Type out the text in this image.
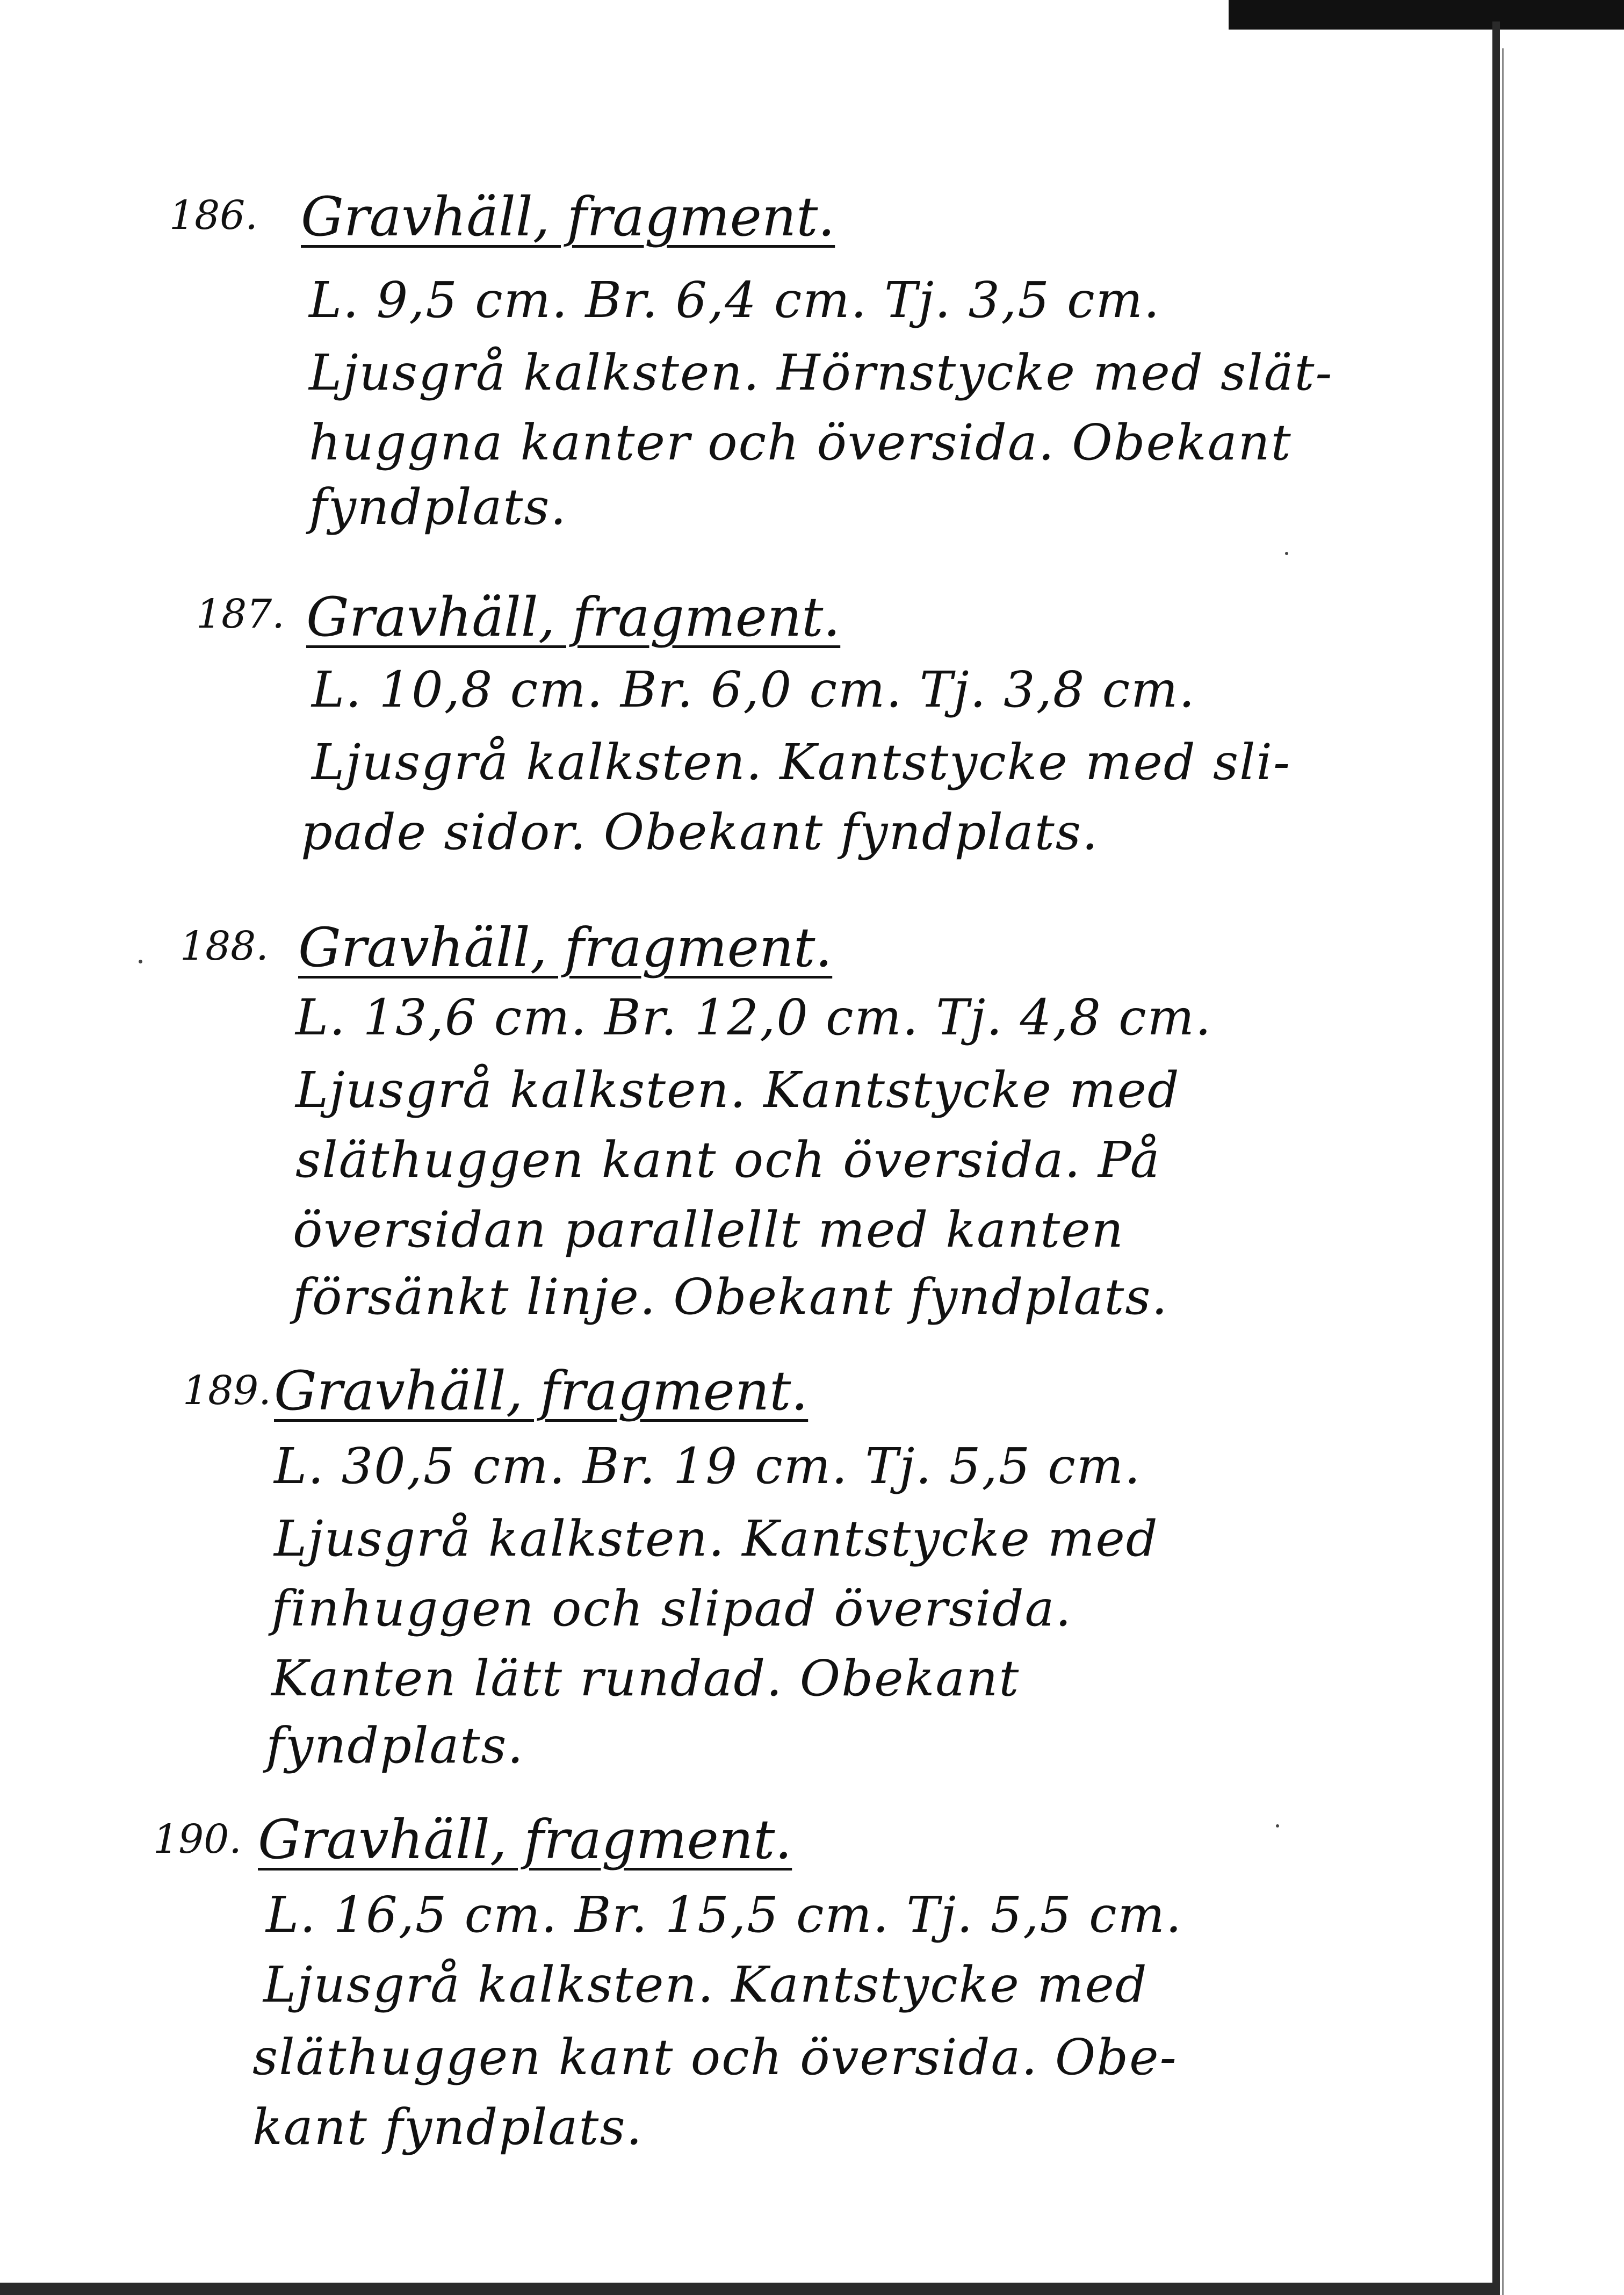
186. Gravhäll, fragment.
L. 9,5 cm. Br. 6,4 cm. Tj. 3,5 cm.
Ljusgrå kalksten. Hörnstycke med slät-
huggna kanter och översida. Obekant
fyndplats.
187. Gravhäll, fragment.
L. 10,8 cm. Br. 6,0 cm. Tj. 3,8 cm.
Ljusgrå kalksten. Kantstycke med sli-
pade sidor. Obekant fyndplats.
188. Gravhäll, fragment.
L. 13,6 cm. Br. 12,0 cm. Tj. 4,8 cm.
Ljusgrå kalksten. Kantstycke med
släthuggen kant och översida. På
översidan parallellt med kanten
försänkt linje. Obekant fyndplats.
189. Gravhäll, fragment.
L. 30,5 cm. Br. 19 cm. Tj. 5,5 cm.
Ljusgrå kalksten. Kantstycke med
finhuggen och slipad översida.
Kanten lätt rundad. Obekant
fyndplats.
190. Gravhäll, fragment.
L. 16,5 cm. Br. 15,5 cm. Tj. 5,5 cm.
Ljusgrå kalksten. Kantstycke med
släthuggen kant och översida. Obe-
kant fyndplats.
